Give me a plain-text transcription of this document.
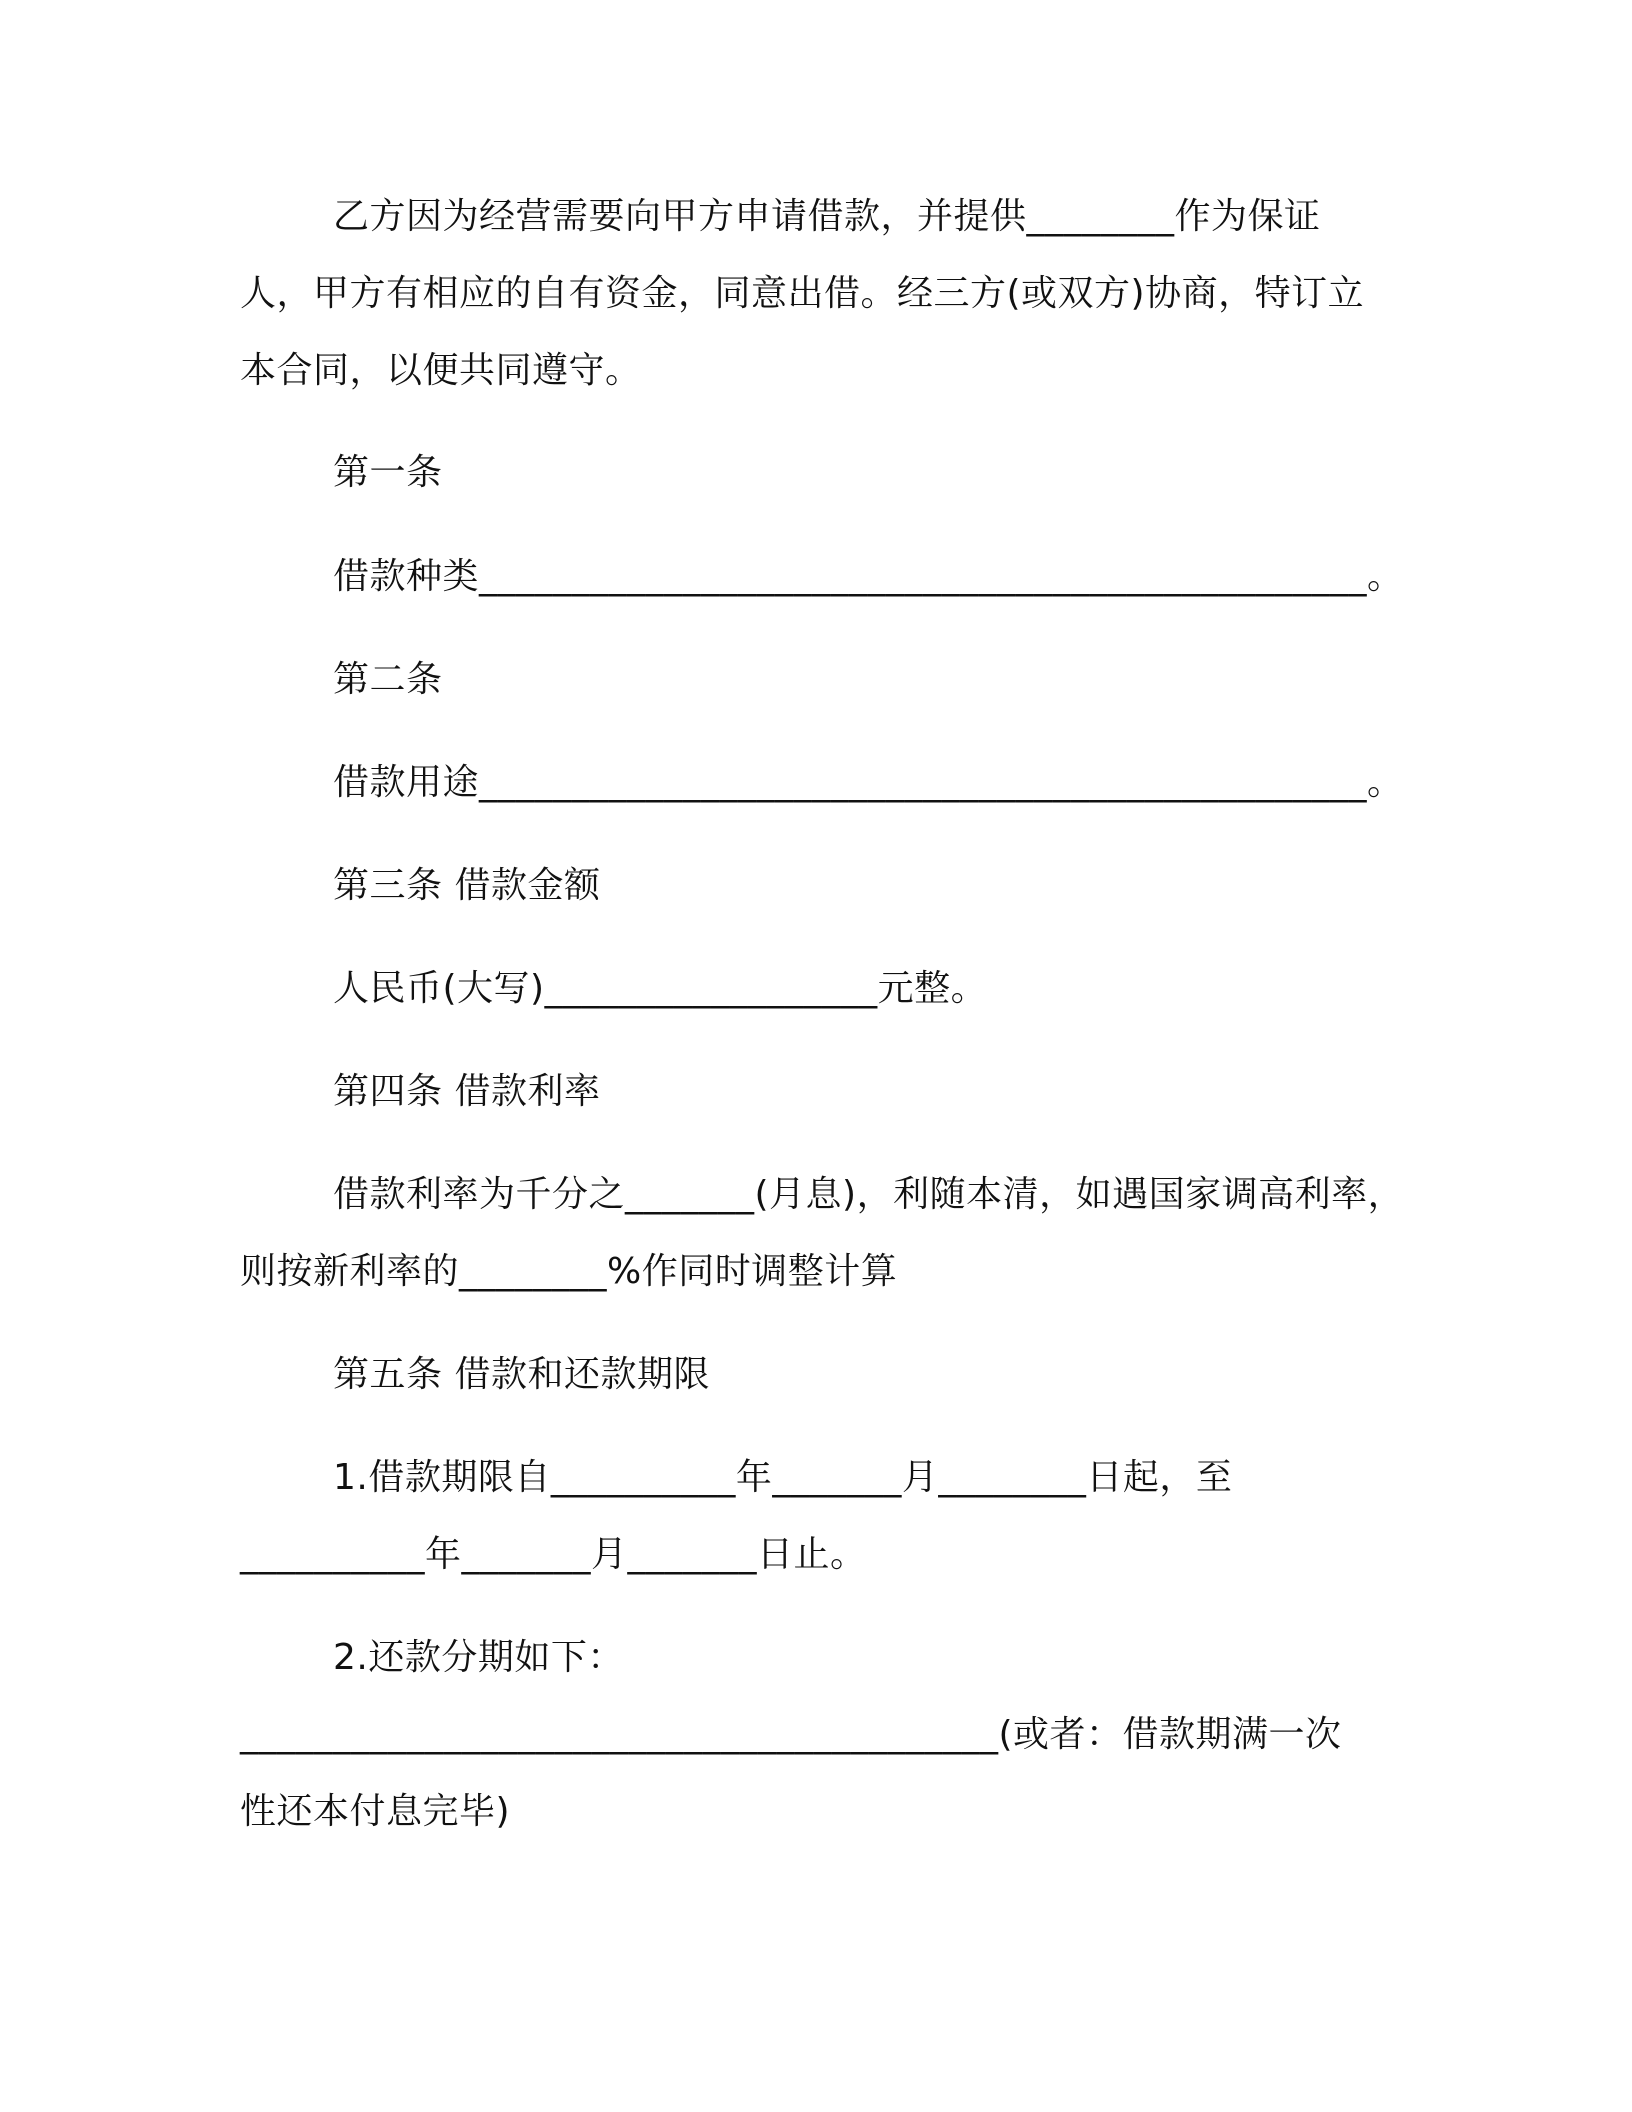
乙方因为经营需要向甲方申请借款，并提供________作为保证
人，甲方有相应的自有资金，同意出借。经三方(或双方)协商，特订立
本合同，以便共同遵守。
第一条
借款种类________________________________________________。
第二条
借款用途________________________________________________。
第三条 借款金额
人民币(大写)__________________元整。
第四条 借款利率
借款利率为千分之_______(月息)，利随本清，如遇国家调高利率，
则按新利率的________%作同时调整计算
第五条 借款和还款期限
1.借款期限自__________年_______月________日起，至
__________年_______月_______日止。
2.还款分期如下：
_________________________________________(或者：借款期满一次
性还本付息完毕)
